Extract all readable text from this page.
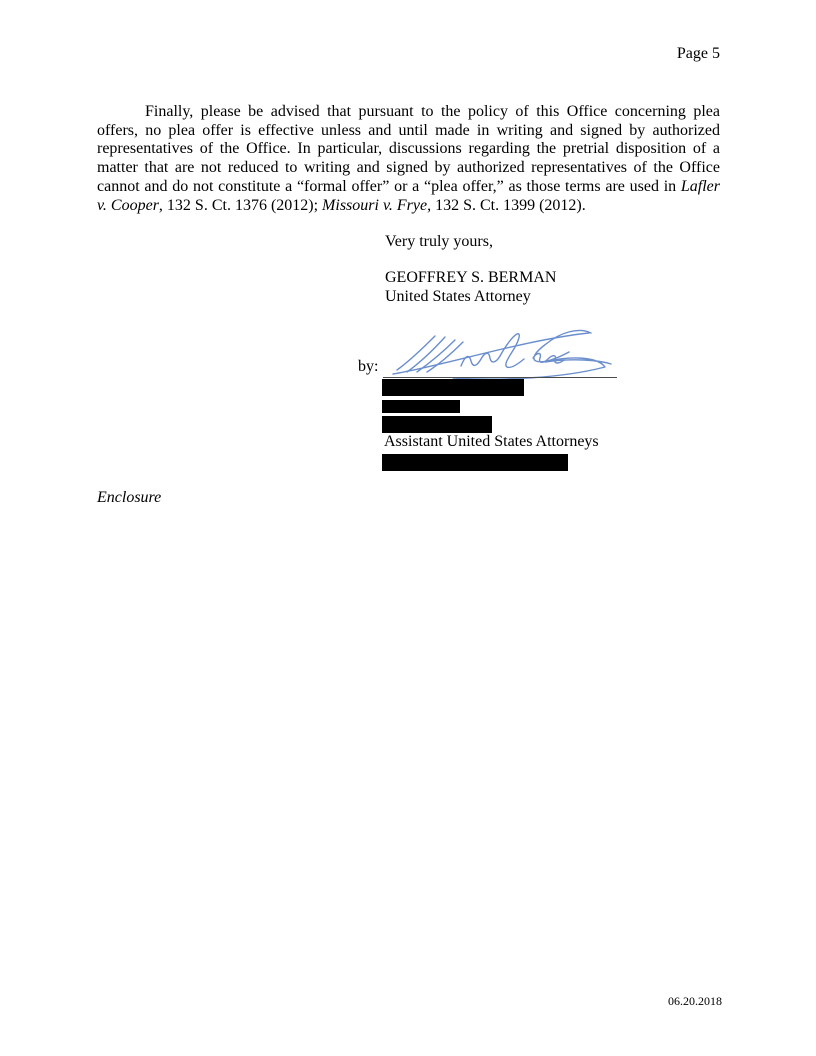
Page 5

Finally, please be advised that pursuant to the policy of this Office concerning plea offers, no plea offer is effective unless and until made in writing and signed by authorized representatives of the Office. In particular, discussions regarding the pretrial disposition of a matter that are not reduced to writing and signed by authorized representatives of the Office cannot and do not constitute a “formal offer” or a “plea offer,” as those terms are used in Lafler v. Cooper, 132 S. Ct. 1376 (2012); Missouri v. Frye, 132 S. Ct. 1399 (2012).

Very truly yours,
GEOFFREY S. BERMAN
United States Attorney
by:
Assistant United States Attorneys
Enclosure
06.20.2018
